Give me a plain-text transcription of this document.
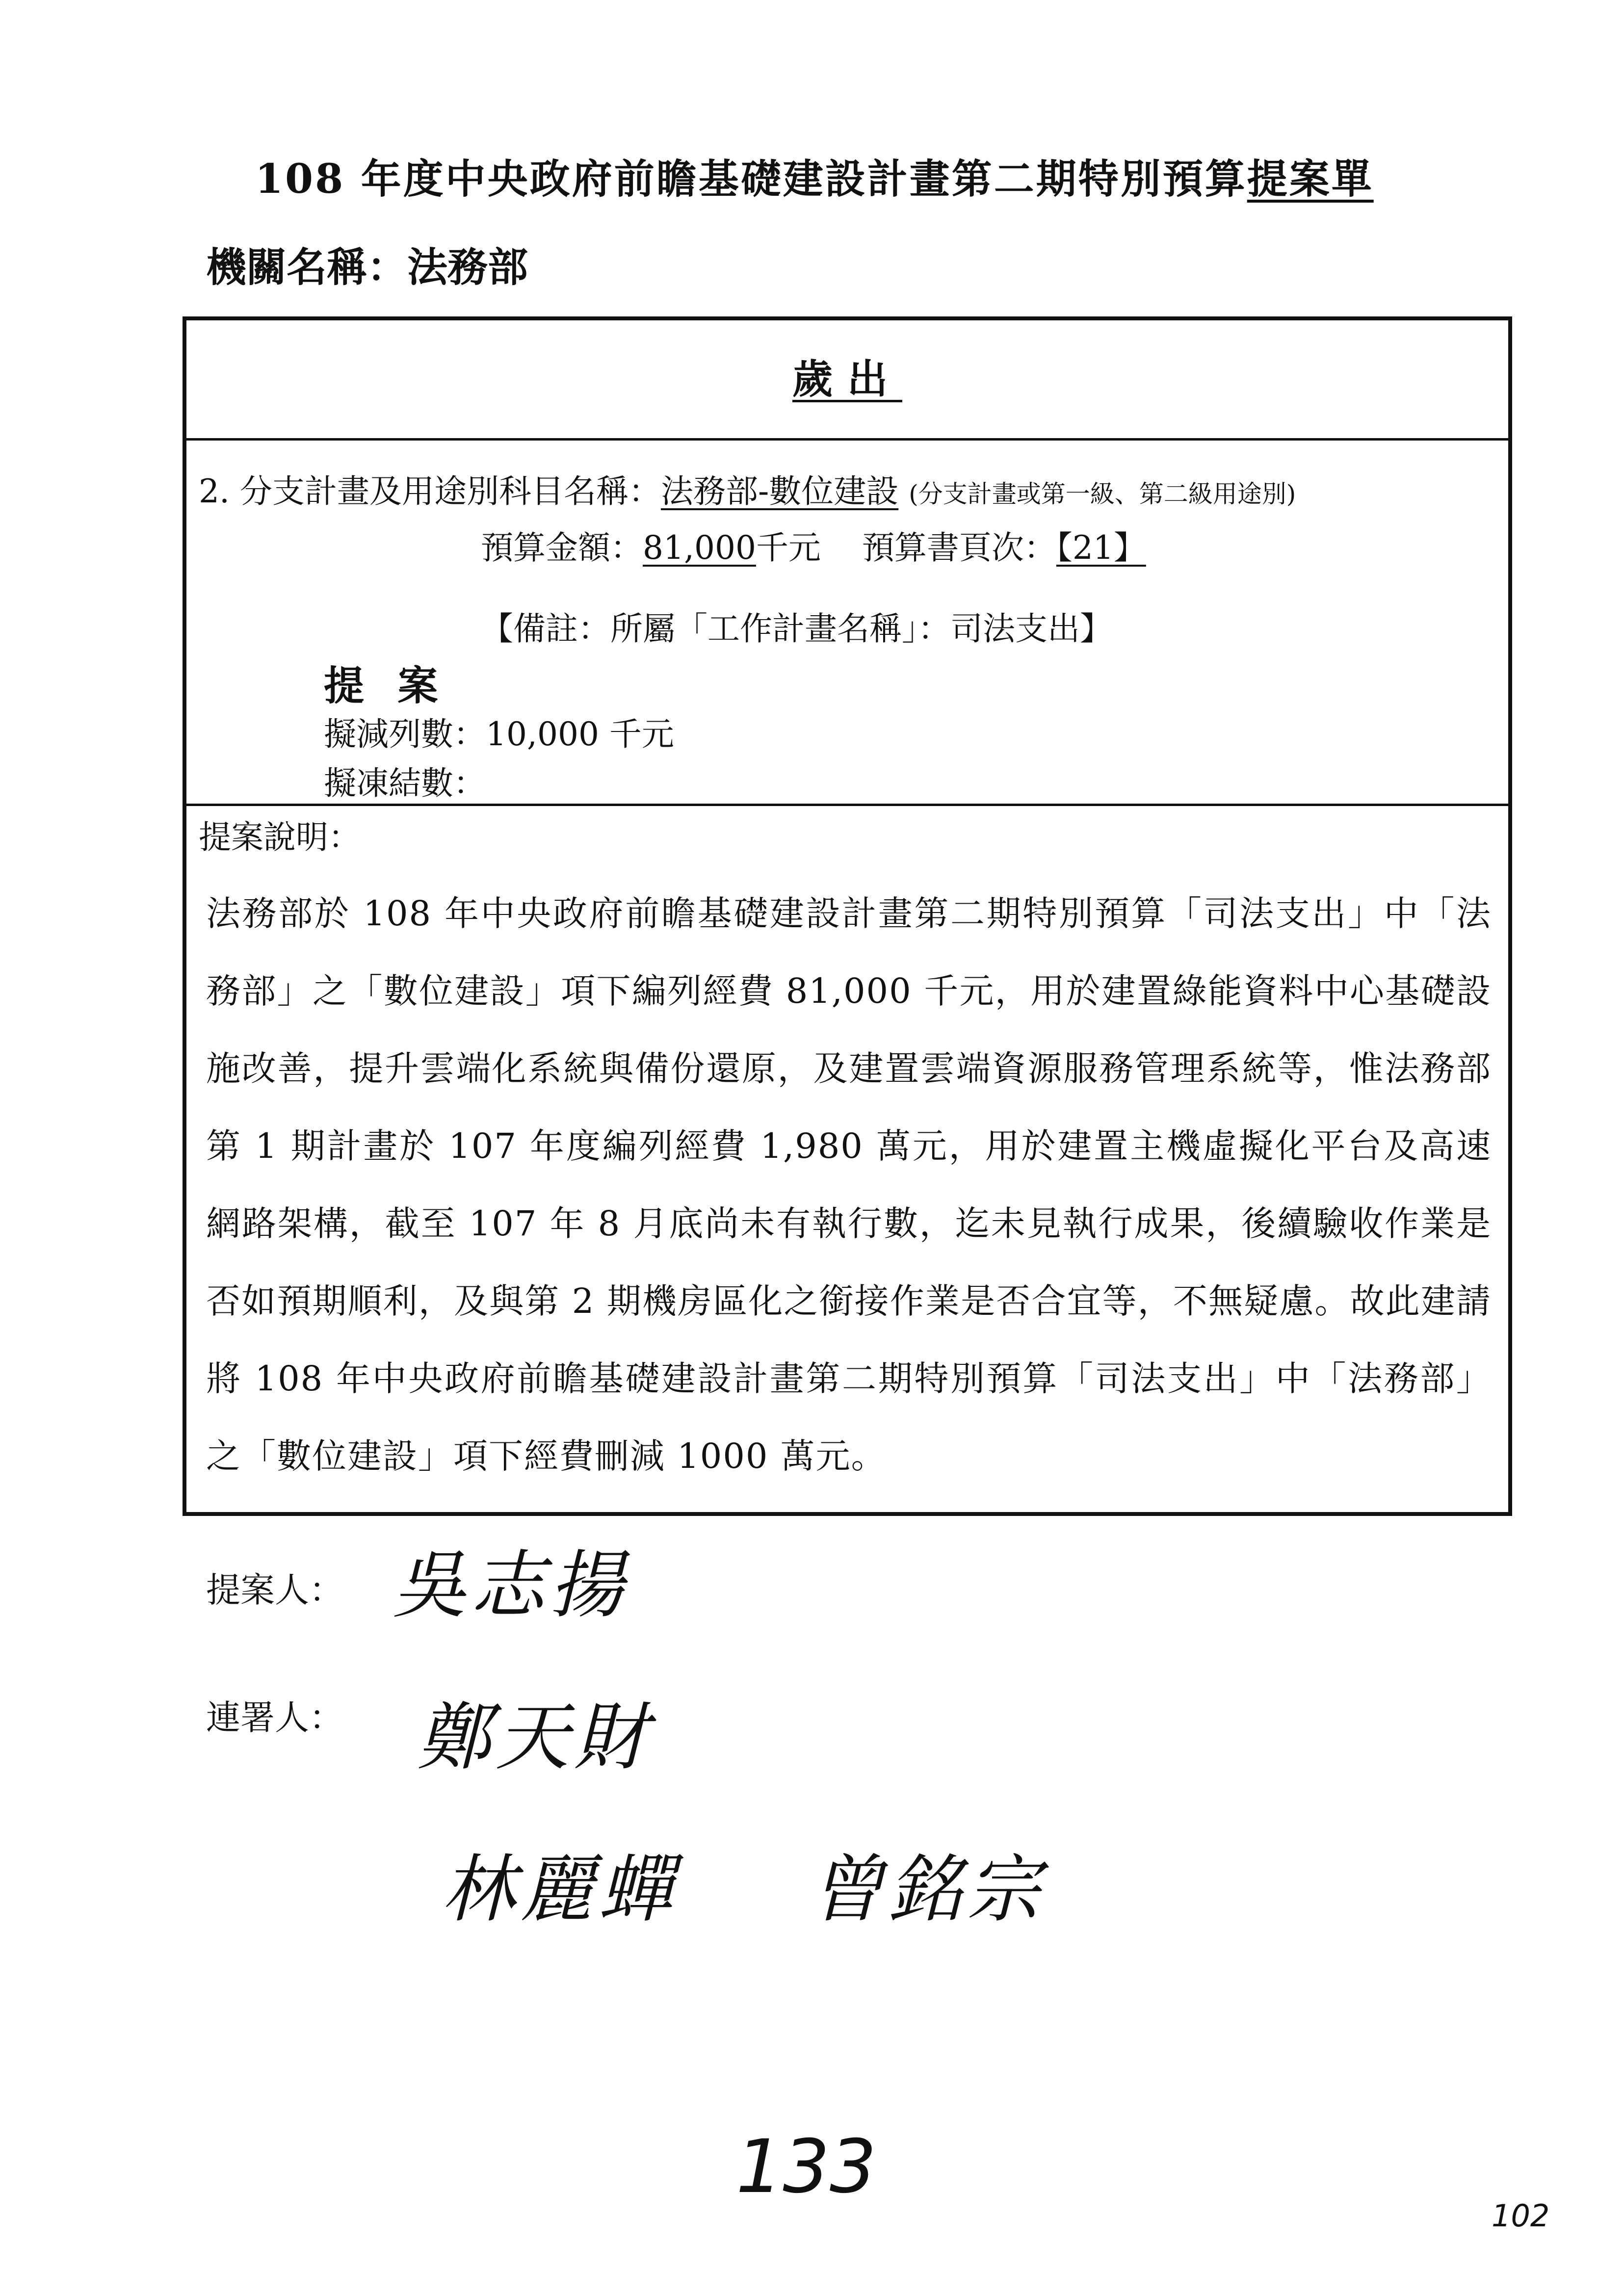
108 年度中央政府前瞻基礎建設計畫第二期特別預算提案單
機關名稱：法務部
歲出
2. 分支計畫及用途別科目名稱：法務部-數位建設 (分支計畫或第一級、第二級用途別)
預算金額：81,000千元 預算書頁次：【21】
【備註：所屬「工作計畫名稱」：司法支出】
提 案
擬減列數：10,000 千元
擬凍結數：
提案說明：
法務部於 108 年中央政府前瞻基礎建設計畫第二期特別預算「司法支出」中「法務部」之「數位建設」項下編列經費 81,000 千元，用於建置綠能資料中心基礎設施改善，提升雲端化系統與備份還原，及建置雲端資源服務管理系統等，惟法務部第 1 期計畫於 107 年度編列經費 1,980 萬元，用於建置主機虛擬化平台及高速網路架構，截至 107 年 8 月底尚未有執行數，迄未見執行成果，後續驗收作業是否如預期順利，及與第 2 期機房區化之銜接作業是否合宜等，不無疑慮。故此建請將 108 年中央政府前瞻基礎建設計畫第二期特別預算「司法支出」中「法務部」之「數位建設」項下經費刪減 1000 萬元。
提案人： 吳志揚
連署人： 鄭天財
林麗蟬 曾銘宗
133
102
